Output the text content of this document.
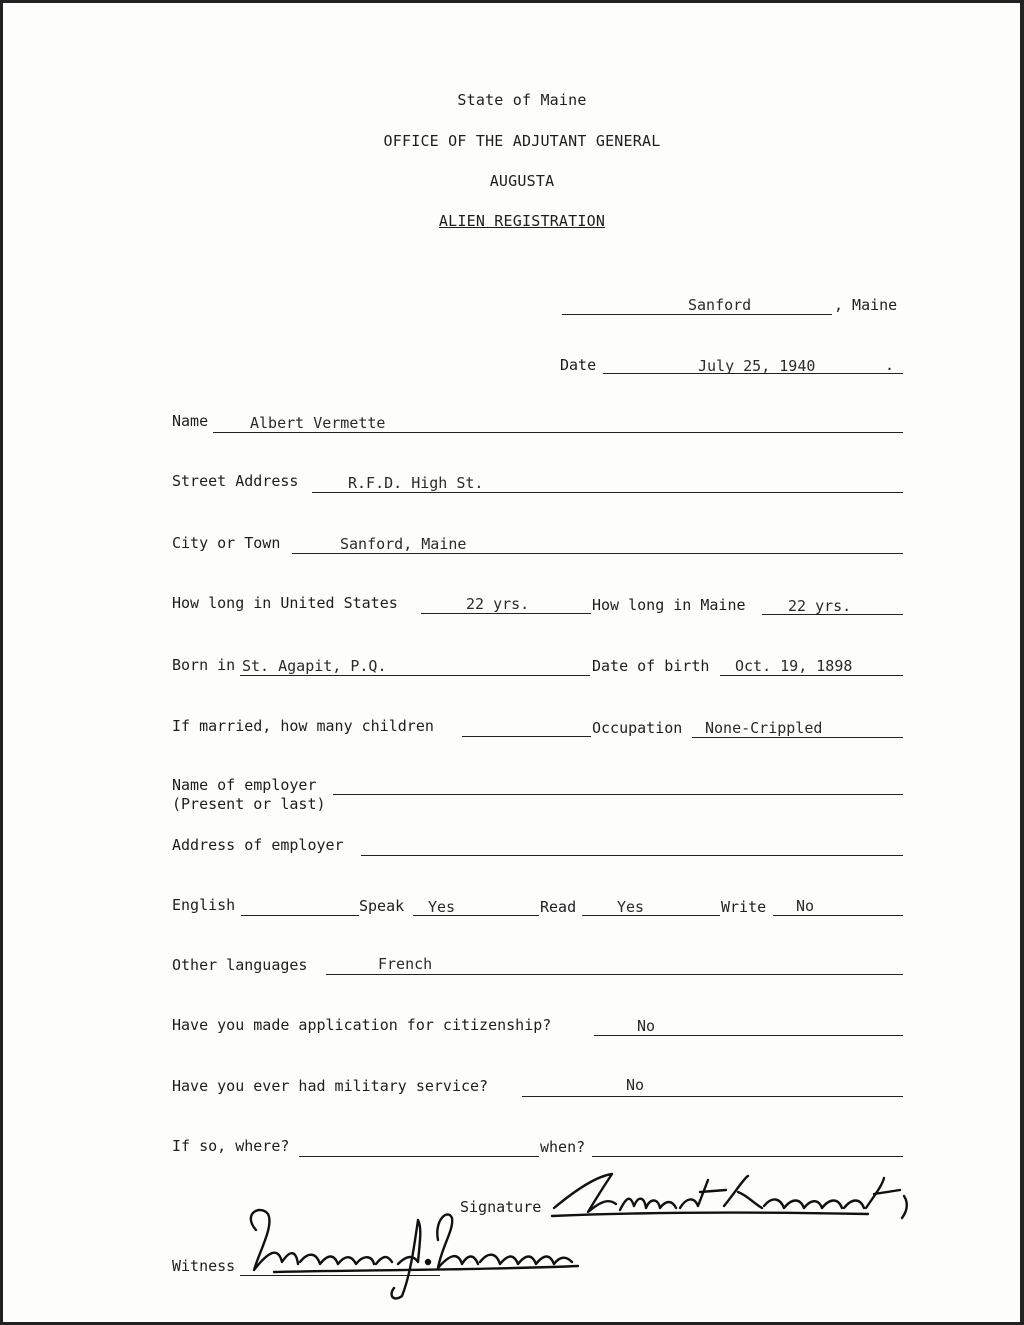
State of Maine
OFFICE OF THE ADJUTANT GENERAL
AUGUSTA
ALIEN REGISTRATION
Sanford	, Maine
Date	July 25, 1940	.
Name	Albert Vermette
Street Address	R.F.D. High St.
City or Town	Sanford, Maine
How long in United States	22 yrs.	How long in Maine	22 yrs.
Born in St. Agapit, P.Q.	Date of birth Oct. 19, 1898
If married, how many children	Occupation None-Crippled
Name of employer
(Present or last)
Address of employer
English	Speak Yes	Read	Yes	Write No
Other languages	French
Have you made application for citizenship?	No
Have you ever had military service?	No
If so, where?	when?
Signature
Witness
